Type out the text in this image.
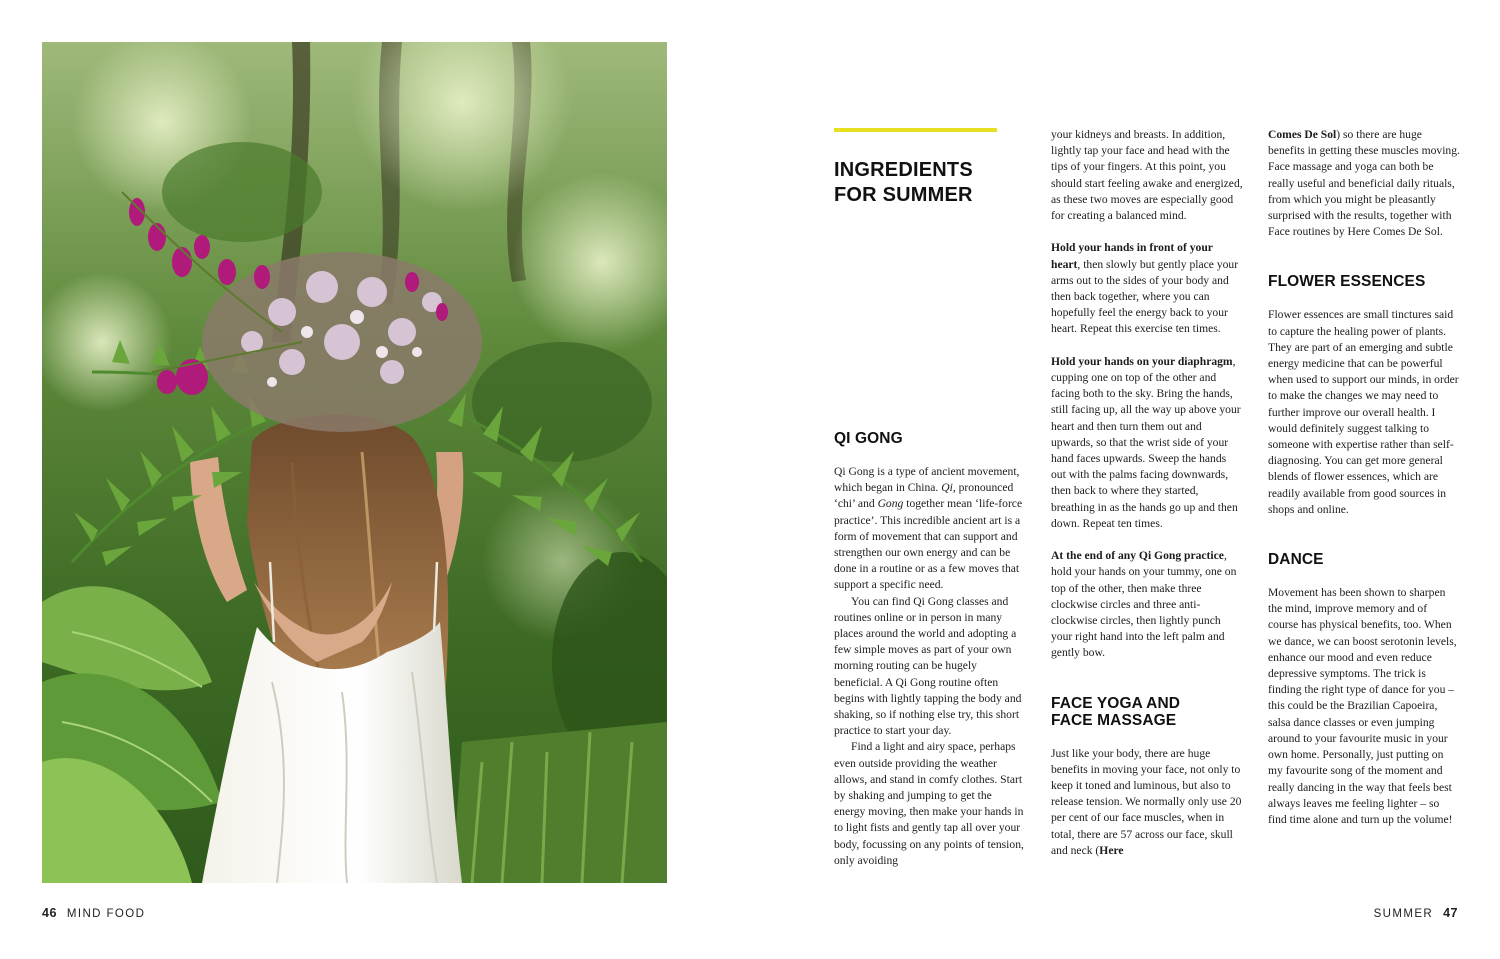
46 MIND FOOD	SUMMER 47
INGREDIENTS
FOR SUMMER
QI GONG

Qi Gong is a type of ancient movement, which began in China. Qi, pronounced ‘chi’ and Gong together mean ‘life-force practice’. This incredible ancient art is a form of movement that can support and strengthen our own energy and can be done in a routine or as a few moves that support a specific need.

You can find Qi Gong classes and routines online or in person in many places around the world and adopting a few simple moves as part of your own morning routing can be hugely beneficial. A Qi Gong routine often begins with lightly tapping the body and shaking, so if nothing else try, this short practice to start your day.

Find a light and airy space, perhaps even outside providing the weather allows, and stand in comfy clothes. Start by shaking and jumping to get the energy moving, then make your hands in to light fists and gently tap all over your body, focussing on any points of tension, only avoiding

your kidneys and breasts. In addition, lightly tap your face and head with the tips of your fingers. At this point, you should start feeling awake and energized, as these two moves are especially good for creating a balanced mind.

Hold your hands in front of your heart, then slowly but gently place your arms out to the sides of your body and then back together, where you can hopefully feel the energy back to your heart. Repeat this exercise ten times.

Hold your hands on your diaphragm, cupping one on top of the other and facing both to the sky. Bring the hands, still facing up, all the way up above your heart and then turn them out and upwards, so that the wrist side of your hand faces upwards. Sweep the hands out with the palms facing downwards, then back to where they started, breathing in as the hands go up and then down. Repeat ten times.

At the end of any Qi Gong practice, hold your hands on your tummy, one on top of the other, then make three clockwise circles and three anti-clockwise circles, then lightly punch your right hand into the left palm and gently bow.

FACE YOGA AND
FACE MASSAGE

Just like your body, there are huge benefits in moving your face, not only to keep it toned and luminous, but also to release tension. We normally only use 20 per cent of our face muscles, when in total, there are 57 across our face, skull and neck (Here

Comes De Sol) so there are huge benefits in getting these muscles moving. Face massage and yoga can both be really useful and beneficial daily rituals, from which you might be pleasantly surprised with the results, together with Face routines by Here Comes De Sol.

FLOWER ESSENCES

Flower essences are small tinctures said to capture the healing power of plants. They are part of an emerging and subtle energy medicine that can be powerful when used to support our minds, in order to make the changes we may need to further improve our overall health. I would definitely suggest talking to someone with expertise rather than self-diagnosing. You can get more general blends of flower essences, which are readily available from good sources in shops and online.

DANCE

Movement has been shown to sharpen the mind, improve memory and of course has physical benefits, too. When we dance, we can boost serotonin levels, enhance our mood and even reduce depressive symptoms. The trick is finding the right type of dance for you – this could be the Brazilian Capoeira, salsa dance classes or even jumping around to your favourite music in your own home. Personally, just putting on my favourite song of the moment and really dancing in the way that feels best always leaves me feeling lighter – so find time alone and turn up the volume!
